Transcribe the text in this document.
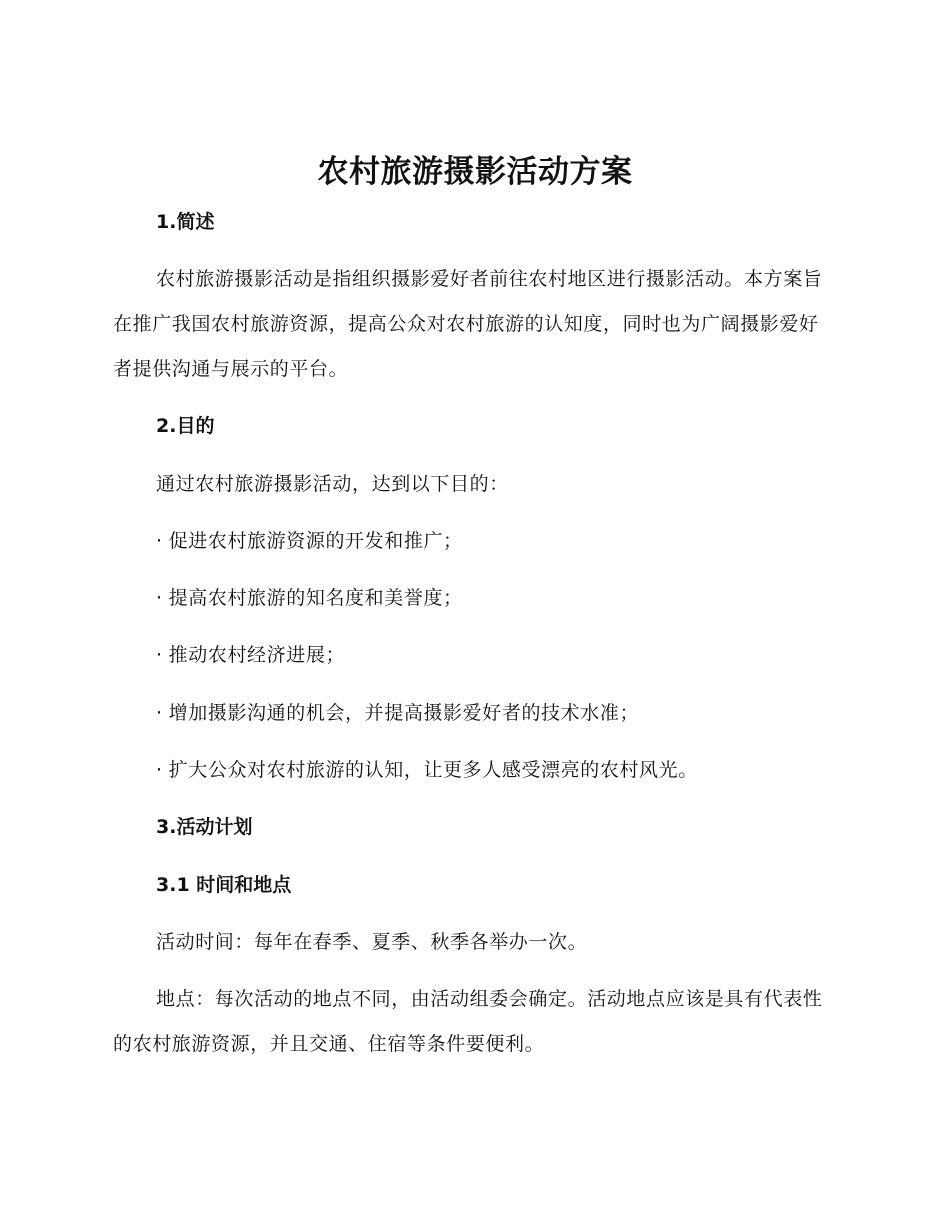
农村旅游摄影活动方案
1.简述
农村旅游摄影活动是指组织摄影爱好者前往农村地区进行摄影活动。本方案旨在推广我国农村旅游资源，提高公众对农村旅游的认知度，同时也为广阔摄影爱好者提供沟通与展示的平台。
2.目的
通过农村旅游摄影活动，达到以下目的：
· 促进农村旅游资源的开发和推广；
· 提高农村旅游的知名度和美誉度；
· 推动农村经济进展；
· 增加摄影沟通的机会，并提高摄影爱好者的技术水准；
· 扩大公众对农村旅游的认知，让更多人感受漂亮的农村风光。
3.活动计划
3.1 时间和地点
活动时间：每年在春季、夏季、秋季各举办一次。
地点：每次活动的地点不同，由活动组委会确定。活动地点应该是具有代表性的农村旅游资源，并且交通、住宿等条件要便利。
